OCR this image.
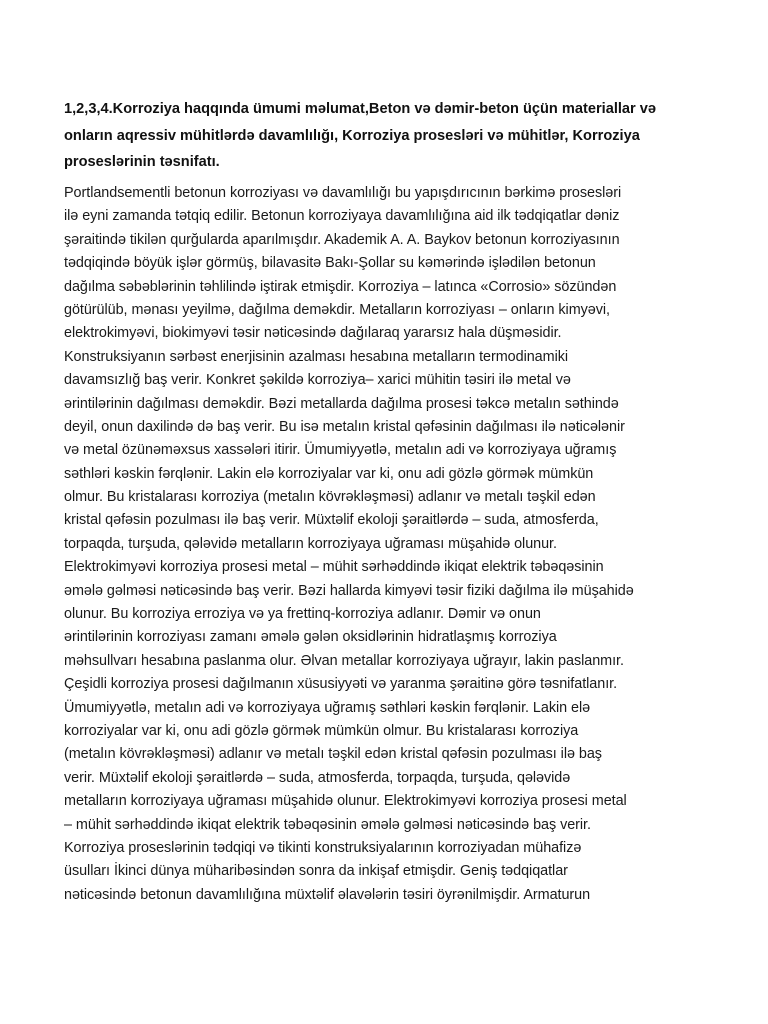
1,2,3,4.Korroziya haqqında ümumi məlumat,Beton və dəmir-beton üçün materiallar və
onların aqressiv mühitlərdə davamlılığı, Korroziya prosesləri və mühitlər, Korroziya
proseslərinin təsnifatı.
Portlandsementli betonun korroziyası və davamlılığı bu yapışdırıcının bərkimə prosesləriilə eyni zamanda tətqiq edilir. Betonun korroziyaya davamlılığına aid ilk tədqiqatlar dənizşəraitində tikilən qurğularda aparılmışdır. Akademik A. A. Baykov betonun korroziyasınıntədqiqində böyük işlər görmüş, bilavasitə Bakı-Şollar su kəmərində işlədilən betonundağılma səbəblərinin təhlilində iştirak etmişdir. Korroziya – latınca «Corrosio» sözündəngötürülüb, mənası yeyilmə, dağılma deməkdir. Metalların korroziyası – onların kimyəvi,elektrokimyəvi, biokimyəvi təsir nəticəsində dağılaraq yararsız hala düşməsidir.Konstruksiyanın sərbəst enerjisinin azalması hesabına metalların termodinamikidavamsızlığ baş verir. Konkret şəkildə korroziya– xarici mühitin təsiri ilə metal vəərintilərinin dağılması deməkdir. Bəzi metallarda dağılma prosesi təkcə metalın səthindədeyil, onun daxilində də baş verir. Bu isə metalın kristal qəfəsinin dağılması ilə nəticələnirvə metal özünəməxsus xassələri itirir. Ümumiyyətlə, metalın adi və korroziyaya uğramışsəthləri kəskin fərqlənir. Lakin elə korroziyalar var ki, onu adi gözlə görmək mümkünolmur. Bu kristalarası korroziya (metalın kövrəkləşməsi) adlanır və metalı təşkil edənkristal qəfəsin pozulması ilə baş verir. Müxtəlif ekoloji şəraitlərdə – suda, atmosferda,torpaqda, turşuda, qələvidə metalların korroziyaya uğraması müşahidə olunur.Elektrokimyəvi korroziya prosesi metal – mühit sərhəddində ikiqat elektrik təbəqəsininəmələ gəlməsi nəticəsində baş verir. Bəzi hallarda kimyəvi təsir fiziki dağılma ilə müşahidəolunur. Bu korroziya erroziya və ya frettinq-korroziya adlanır. Dəmir və onunərintilərinin korroziyası zamanı əmələ gələn oksidlərinin hidratlaşmış korroziyaməhsullvarı hesabına paslanma olur. Əlvan metallar korroziyaya uğrayır, lakin paslanmır.Çeşidli korroziya prosesi dağılmanın xüsusiyyəti və yaranma şəraitinə görə təsnifatlanır.Ümumiyyətlə, metalın adi və korroziyaya uğramış səthləri kəskin fərqlənir. Lakin eləkorroziyalar var ki, onu adi gözlə görmək mümkün olmur. Bu kristalarası korroziya(metalın kövrəkləşməsi) adlanır və metalı təşkil edən kristal qəfəsin pozulması ilə başverir. Müxtəlif ekoloji şəraitlərdə – suda, atmosferda, torpaqda, turşuda, qələvidəmetalların korroziyaya uğraması müşahidə olunur. Elektrokimyəvi korroziya prosesi metal– mühit sərhəddində ikiqat elektrik təbəqəsinin əmələ gəlməsi nəticəsində baş verir.Korroziya proseslərinin tədqiqi və tikinti konstruksiyalarının korroziyadan mühafizəüsulları İkinci dünya müharibəsindən sonra da inkişaf etmişdir. Geniş tədqiqatlarnəticəsində betonun davamlılığına müxtəlif əlavələrin təsiri öyrənilmişdir. Armaturun
